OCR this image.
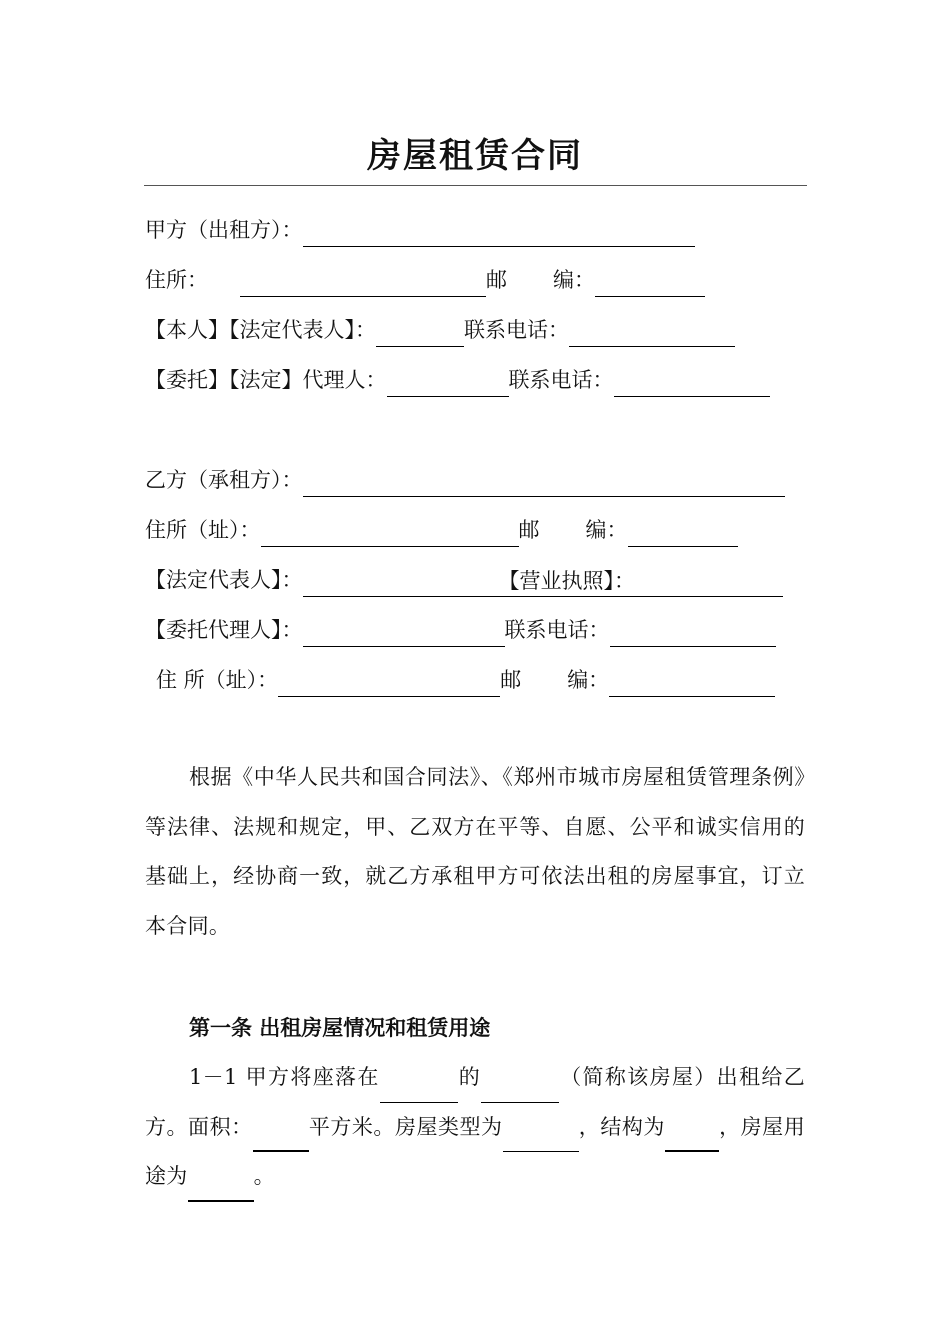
房屋租赁合同
甲方（出租方）：
住所：	邮 编：
【本人】【法定代表人】：	联系电话：
【委托】【法定】代理人：	联系电话：
乙方（承租方）：
住所（址）：	邮 编：
【法定代表人】：	【营业执照】：
【委托代理人】：	联系电话：
住 所（址）：	邮 编：
根据《中华人民共和国合同法》、《郑州市城市房屋租赁管理条例》等法律、法规和规定，甲、乙双方在平等、自愿、公平和诚实信用的基础上，经协商一致，就乙方承租甲方可依法出租的房屋事宜，订立本合同。
第一条 出租房屋情况和租赁用途
1－1 甲方将座落在	的	（简称该房屋）出租给乙方。面积：	平方米。房屋类型为	，结构为	，房屋用途为	。
